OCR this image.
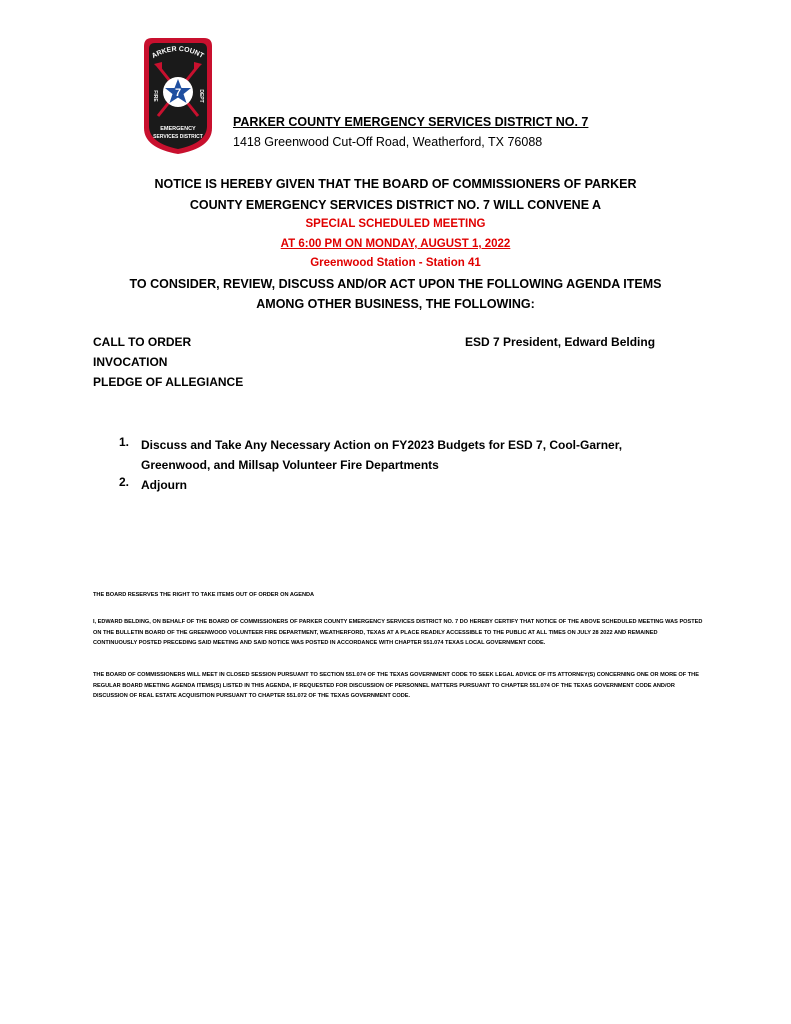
ARKER COUNT
7
FIRE	DEPT
EMERGENCY
SERVICES DISTRICT
PARKER COUNTY EMERGENCY SERVICES DISTRICT NO. 7
1418 Greenwood Cut-Off Road, Weatherford, TX 76088
NOTICE IS HEREBY GIVEN THAT THE BOARD OF COMMISSIONERS OF PARKER
COUNTY EMERGENCY SERVICES DISTRICT NO. 7 WILL CONVENE A
SPECIAL SCHEDULED MEETING
AT 6:00 PM ON MONDAY, AUGUST 1, 2022
Greenwood Station - Station 41
TO CONSIDER, REVIEW, DISCUSS AND/OR ACT UPON THE FOLLOWING AGENDA ITEMS
AMONG OTHER BUSINESS, THE FOLLOWING:
CALL TO ORDER	ESD 7 President, Edward Belding
INVOCATION
PLEDGE OF ALLEGIANCE
1. Discuss and Take Any Necessary Action on FY2023 Budgets for ESD 7, Cool-Garner, Greenwood, and Millsap Volunteer Fire Departments
2. Adjourn
THE BOARD RESERVES THE RIGHT TO TAKE ITEMS OUT OF ORDER ON AGENDA
I, EDWARD BELDING, ON BEHALF OF THE BOARD OF COMMISSIONERS OF PARKER COUNTY EMERGENCY SERVICES DISTRICT NO. 7 DO HEREBY CERTIFY THAT NOTICE OF THE ABOVE SCHEDULED MEETING WAS POSTED ON THE BULLETIN BOARD OF THE GREENWOOD VOLUNTEER FIRE DEPARTMENT, WEATHERFORD, TEXAS AT A PLACE READILY ACCESSIBLE TO THE PUBLIC AT ALL TIMES ON JULY 28 2022 AND REMAINED CONTINUOUSLY POSTED PRECEDING SAID MEETING AND SAID NOTICE WAS POSTED IN ACCORDANCE WITH CHAPTER 551.074 TEXAS LOCAL GOVERNMENT CODE.
THE BOARD OF COMMISSIONERS WILL MEET IN CLOSED SESSION PURSUANT TO SECTION 551.074 OF THE TEXAS GOVERNMENT CODE TO SEEK LEGAL ADVICE OF ITS ATTORNEY(S) CONCERNING ONE OR MORE OF THE REGULAR BOARD MEETING AGENDA ITEMS(S) LISTED IN THIS AGENDA, IF REQUESTED FOR DISCUSSION OF PERSONNEL MATTERS PURSUANT TO CHAPTER 551.074 OF THE TEXAS GOVERNMENT CODE AND/OR DISCUSSION OF REAL ESTATE ACQUISITION PURSUANT TO CHAPTER 551.072 OF THE TEXAS GOVERNMENT CODE.
